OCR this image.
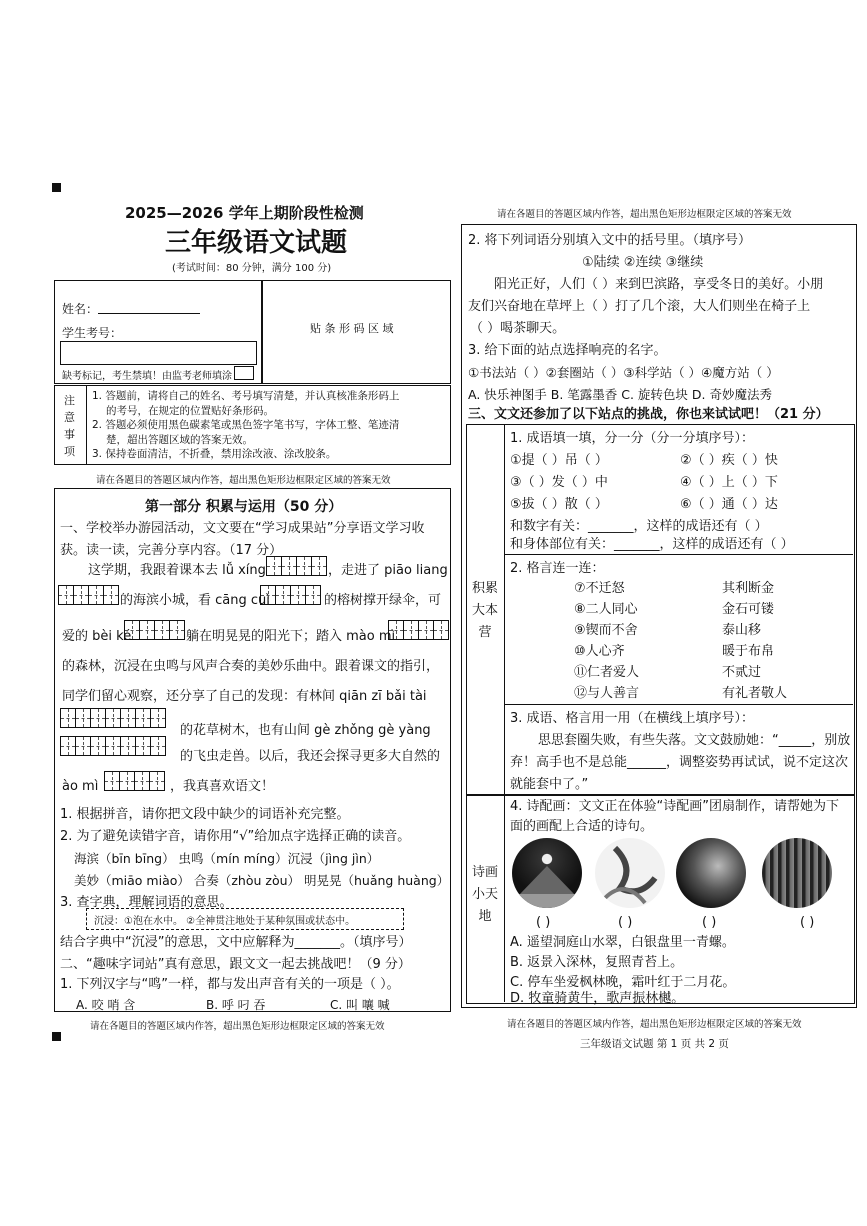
2025—2026 学年上期阶段性检测
三年级语文试题
(考试时间：80 分钟，满分 100 分)
姓名：
学生考号：
缺考标记，考生禁填！由监考老师填涂
贴 条 形 码 区 域
注意事项
1. 答题前，请将自己的姓名、考号填写清楚，并认真核准条形码上
的考号，在规定的位置贴好条形码。
2. 答题必须使用黑色碳素笔或黑色签字笔书写，字体工整、笔迹清
楚，超出答题区域的答案无效。
3. 保持卷面清洁，不折叠，禁用涂改液、涂改胶条。
请在各题目的答题区域内作答，超出黑色矩形边框限定区域的答案无效
第一部分 积累与运用（50 分）
一、学校举办游园活动，文文要在“学习成果站”分享语文学习收
获。读一读，完善分享内容。（17 分）
这学期，我跟着课本去 lǚ xíng	，走进了 piāo liang
的海滨小城，看 cāng cuì	的榕树撑开绿伞，可
爱的 bèi ké	躺在明晃晃的阳光下；踏入 mào mì
的森林，沉浸在虫鸣与风声合奏的美妙乐曲中。跟着课文的指引，
同学们留心观察，还分享了自己的发现：有林间 qiān zī bǎi tài
的花草树木，也有山间 gè zhǒng gè yàng
的飞虫走兽。以后，我还会探寻更多大自然的
ào mì	，我真喜欢语文！
1. 根据拼音，请你把文段中缺少的词语补充完整。
2. 为了避免读错字音，请你用“√”给加点字选择正确的读音。
海滨（bīn bīng） 虫鸣（mín míng）沉浸（jìng jìn）
美妙（miāo miào） 合奏（zhòu zòu） 明晃晃（huǎng huàng）
3. 查字典，理解词语的意思。
沉浸：①泡在水中。 ②全神贯注地处于某种氛围或状态中。
结合字典中“沉浸”的意思，文中应解释为_______。（填序号）
二、“趣味字词站”真有意思，跟文文一起去挑战吧！（9 分）
1. 下列汉字与“鸣”一样，都与发出声音有关的一项是（ ）。
A. 咬 哨 含	B. 呼 叼 吞	C. 叫 嚷 喊
请在各题目的答题区域内作答，超出黑色矩形边框限定区域的答案无效
请在各题目的答题区域内作答，超出黑色矩形边框限定区域的答案无效
2. 将下列词语分别填入文中的括号里。（填序号）
①陆续 ②连续 ③继续
阳光正好，人们（ ）来到巴滨路，享受冬日的美好。小朋
友们兴奋地在草坪上（ ）打了几个滚，大人们则坐在椅子上
（ ）喝茶聊天。
3. 给下面的站点选择响亮的名字。
①书法站（ ）②套圈站（ ）③科学站（ ）④魔方站（ ）
A. 快乐神图手 B. 笔露墨香 C. 旋转色块 D. 奇妙魔法秀
三、文文还参加了以下站点的挑战，你也来试试吧！（21 分）
积累大本营
1. 成语填一填，分一分（分一分填序号）：
①提（ ）吊（ ）	②（ ）疾（ ）快
③（ ）发（ ）中	④（ ）上（ ）下
⑤拔（ ）散（ ）	⑥（ ）通（ ）达
和数字有关：_______，这样的成语还有（ ）
和身体部位有关：_______，这样的成语还有（ ）
2. 格言连一连：
⑦不迁怒	其利断金
⑧二人同心	金石可镂
⑨锲而不舍	泰山移
⑩人心齐	暖于布帛
⑪仁者爱人	不贰过
⑫与人善言	有礼者敬人
3. 成语、格言用一用（在横线上填序号）：
思思套圈失败，有些失落。文文鼓励她：“_____，别放
弃！高手也不是总能______，调整姿势再试试，说不定这次
就能套中了。”
诗画小天地
4. 诗配画：文文正在体验“诗配画”团扇制作，请帮她为下
面的画配上合适的诗句。
( )	( )	( )	( )
A. 遥望洞庭山水翠，白银盘里一青螺。
B. 返景入深林，复照青苔上。
C. 停车坐爱枫林晚，霜叶红于二月花。
D. 牧童骑黄牛，歌声振林樾。
请在各题目的答题区域内作答，超出黑色矩形边框限定区域的答案无效
三年级语文试题 第 1 页 共 2 页
